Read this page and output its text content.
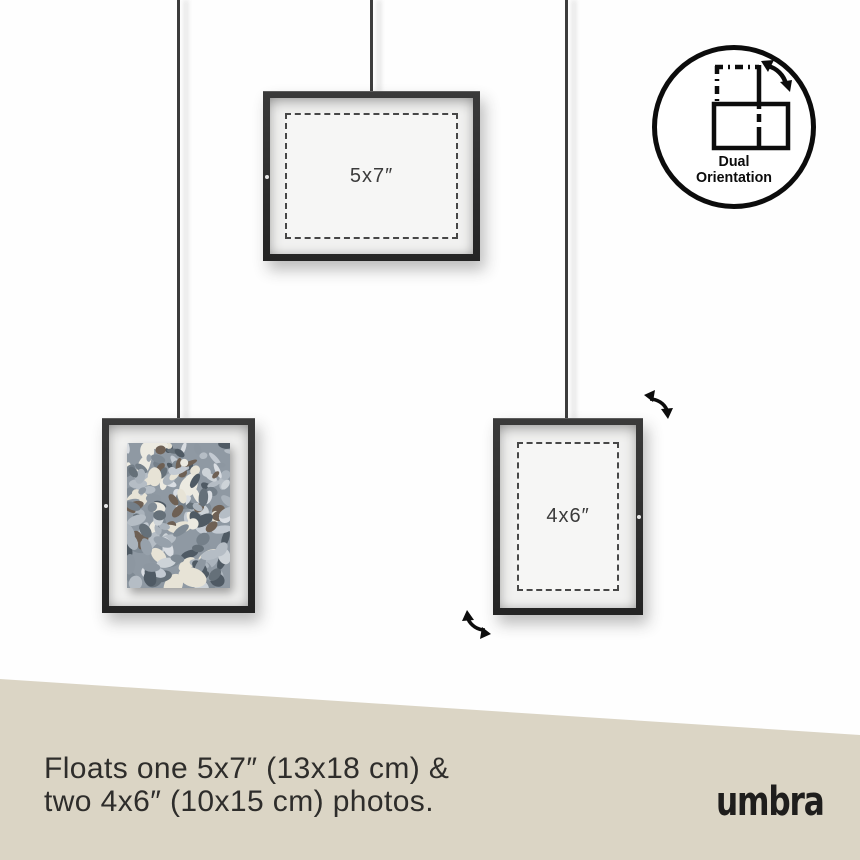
5x7″
4x6″
Dual
Orientation
Floats one 5x7″ (13x18 cm) &
two 4x6″ (10x15 cm) photos.	umbra
